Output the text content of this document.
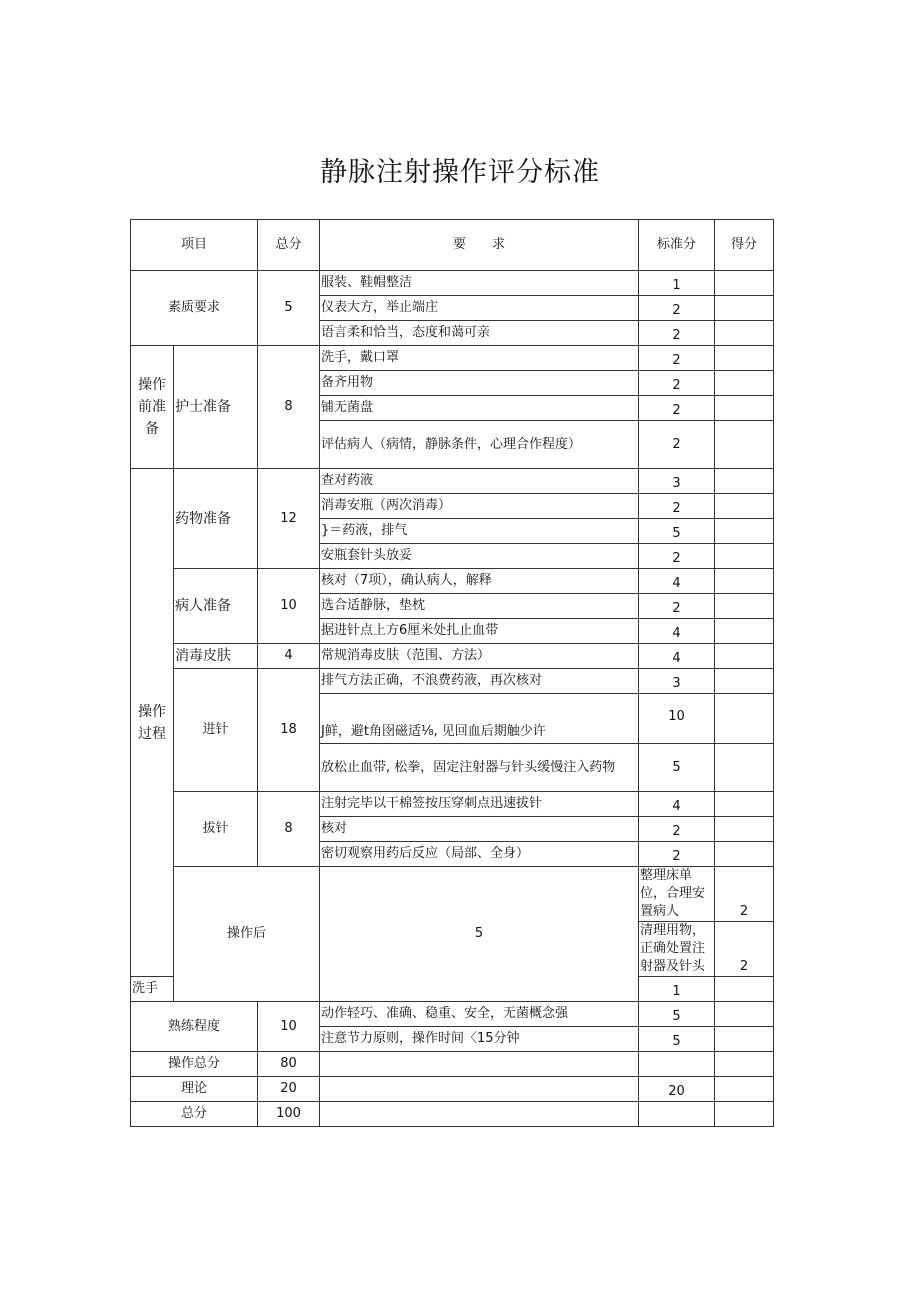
静脉注射操作评分标准
项目		总分	要　　求	标准分	得分	
素质要求		5	服装、鞋帽整洁	1		
			仪表大方，举止端庄	2		
			语言柔和恰当，态度和蔼可亲	2		
操作前准备	护士准备	8	洗手，戴口罩	2		
			备齐用物	2		
			铺无菌盘	2		
			评估病人（病情，静脉条件，心理合作程度）	2		
操作过程	药物准备	12	查对药液	3		
			消毒安瓶（两次消毒）	2		
			}＝药液，排气	5		
			安瓶套针头放妥	2		
	病人准备	10	核对（7项），确认病人，解释	4		
			选合适静脉，垫枕	2		
			据进针点上方6厘米处扎止血带	4		
	消毒皮肤	4	常规消毒皮肤（范围、方法）	4		
	进针	18	排气方法正确，不浪费药液，再次核对	3		
			J鲜，避t角囹磁适⅛, 见回血后期触少许	10		
			放松止血带, 松拳，固定注射器与针头缓慢注入药物	5		
	拔针	8	注射完毕以干棉签按压穿刺点迅速拔针	4		
			核对	2		
			密切观察用药后反应（局部、全身）	2		
	操作后		5	整理床单位，合理安置病人	2	
				清理用物，正确处置注射器及针头	2	
洗手				1		
熟练程度		10	动作轻巧、准确、稳重、安全，无菌概念强	5		
			注意节力原则，操作时间〈15分钟	5		
操作总分		80				
理论		20		20		
总分		100				
